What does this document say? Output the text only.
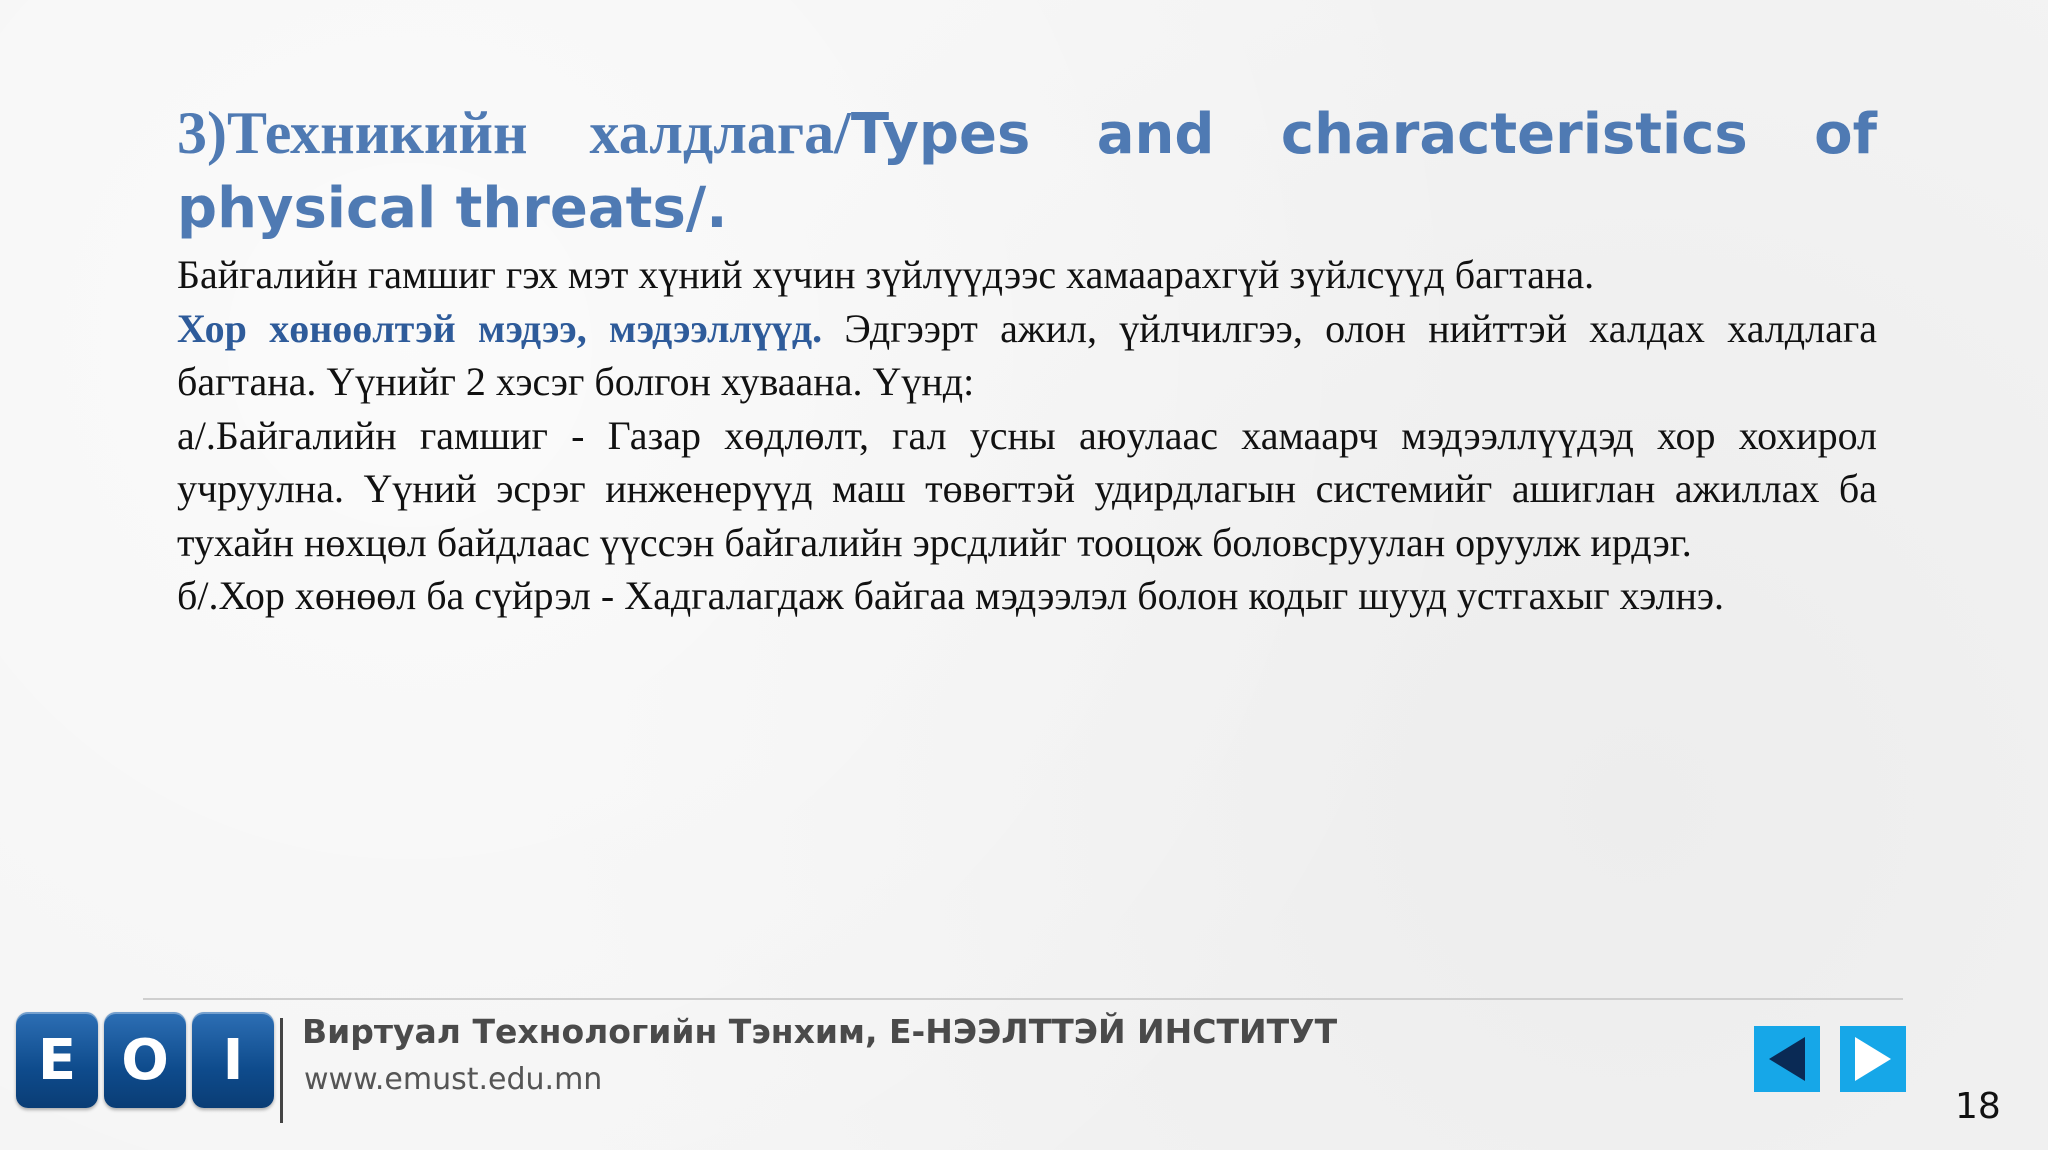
3)Техникийн халдлага/Types and characteristics of physical threats/.

Байгалийн гамшиг гэх мэт хүний хүчин зүйлүүдээс хамаарахгүй зүйлсүүд багтана.

Хор хөнөөлтэй мэдээ, мэдээллүүд. Эдгээрт ажил, үйлчилгээ, олон нийттэй халдах халдлага багтана. Үүнийг 2 хэсэг болгон хуваана. Үүнд:

а/.Байгалийн гамшиг - Газар хөдлөлт, гал усны аюулаас хамаарч мэдээллүүдэд хор хохирол учруулна. Үүний эсрэг инженерүүд маш төвөгтэй удирдлагын системийг ашиглан ажиллах ба тухайн нөхцөл байдлаас үүссэн байгалийн эрсдлийг тооцож боловсруулан оруулж ирдэг.

б/.Хор хөнөөл ба сүйрэл - Хадгалагдаж байгаа мэдээлэл болон кодыг шууд устгахыг хэлнэ.

E O I	Виртуал Технологийн Тэнхим, Е-НЭЭЛТТЭЙ ИНСТИТУТ
www.emust.edu.mn
18
